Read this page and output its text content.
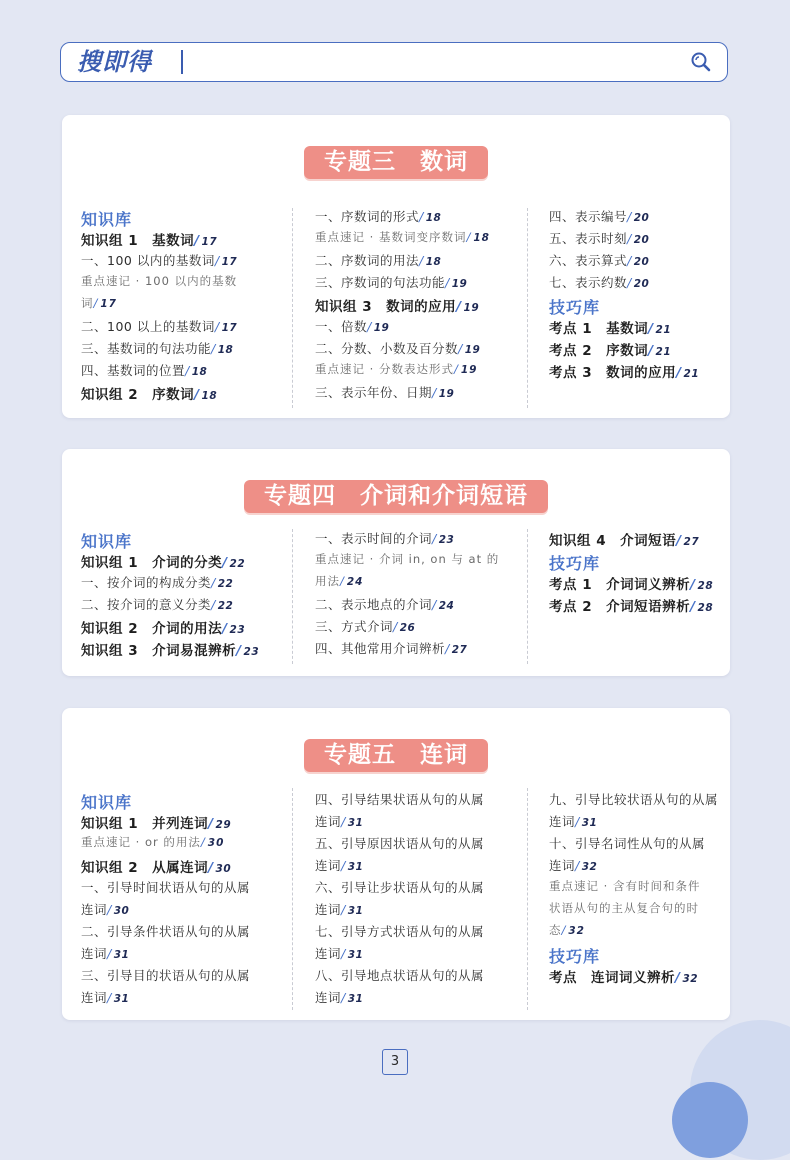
搜即得
专题三　数词
知识库
知识组 1　基数词/ 17
一、100 以内的基数词/ 17
重点速记 · 100 以内的基数
词/ 17
二、100 以上的基数词/ 17
三、基数词的句法功能/ 18
四、基数词的位置/ 18
知识组 2　序数词/ 18
一、序数词的形式/ 18
重点速记 · 基数词变序数词/ 18
二、序数词的用法/ 18
三、序数词的句法功能/ 19
知识组 3　数词的应用/ 19
一、倍数/ 19
二、分数、小数及百分数/ 19
重点速记 · 分数表达形式/ 19
三、表示年份、日期/ 19
四、表示编号/ 20
五、表示时刻/ 20
六、表示算式/ 20
七、表示约数/ 20
技巧库
考点 1　基数词/ 21
考点 2　序数词/ 21
考点 3　数词的应用/ 21
专题四　介词和介词短语
知识库
知识组 1　介词的分类/ 22
一、按介词的构成分类/ 22
二、按介词的意义分类/ 22
知识组 2　介词的用法/ 23
知识组 3　介词易混辨析/ 23
一、表示时间的介词/ 23
重点速记 · 介词 in, on 与 at 的
用法/ 24
二、表示地点的介词/ 24
三、方式介词/ 26
四、其他常用介词辨析/ 27
知识组 4　介词短语/ 27
技巧库
考点 1　介词词义辨析/ 28
考点 2　介词短语辨析/ 28
专题五　连词
知识库
知识组 1　并列连词/ 29
重点速记 · or 的用法/ 30
知识组 2　从属连词/ 30
一、引导时间状语从句的从属
连词/ 30
二、引导条件状语从句的从属
连词/ 31
三、引导目的状语从句的从属
连词/ 31
四、引导结果状语从句的从属
连词/ 31
五、引导原因状语从句的从属
连词/ 31
六、引导让步状语从句的从属
连词/ 31
七、引导方式状语从句的从属
连词/ 31
八、引导地点状语从句的从属
连词/ 31
九、引导比较状语从句的从属
连词/ 31
十、引导名词性从句的从属
连词/ 32
重点速记 · 含有时间和条件
状语从句的主从复合句的时
态/ 32
技巧库
考点　连词词义辨析/ 32
3
